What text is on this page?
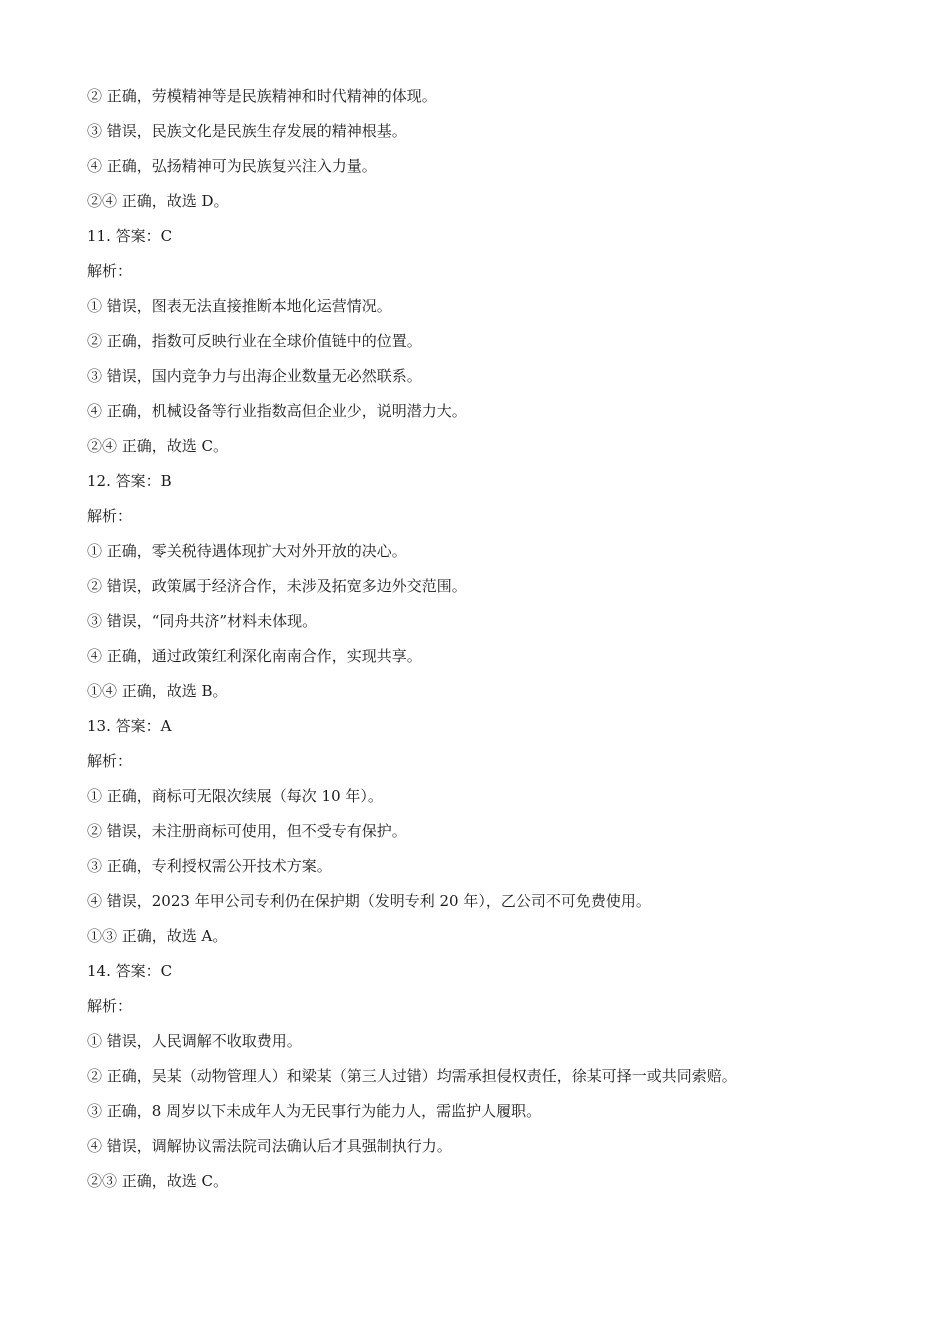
② 正确，劳模精神等是民族精神和时代精神的体现。
③ 错误，民族文化是民族生存发展的精神根基。
④ 正确，弘扬精神可为民族复兴注入力量。
②④ 正确，故选 D。
11. 答案：C
解析：
① 错误，图表无法直接推断本地化运营情况。
② 正确，指数可反映行业在全球价值链中的位置。
③ 错误，国内竞争力与出海企业数量无必然联系。
④ 正确，机械设备等行业指数高但企业少，说明潜力大。
②④ 正确，故选 C。
12. 答案：B
解析：
① 正确，零关税待遇体现扩大对外开放的决心。
② 错误，政策属于经济合作，未涉及拓宽多边外交范围。
③ 错误，“同舟共济”材料未体现。
④ 正确，通过政策红利深化南南合作，实现共享。
①④ 正确，故选 B。
13. 答案：A
解析：
① 正确，商标可无限次续展（每次 10 年）。
② 错误，未注册商标可使用，但不受专有保护。
③ 正确，专利授权需公开技术方案。
④ 错误，2023 年甲公司专利仍在保护期（发明专利 20 年），乙公司不可免费使用。
①③ 正确，故选 A。
14. 答案：C
解析：
① 错误，人民调解不收取费用。
② 正确，吴某（动物管理人）和梁某（第三人过错）均需承担侵权责任，徐某可择一或共同索赔。
③ 正确，8 周岁以下未成年人为无民事行为能力人，需监护人履职。
④ 错误，调解协议需法院司法确认后才具强制执行力。
②③ 正确，故选 C。
